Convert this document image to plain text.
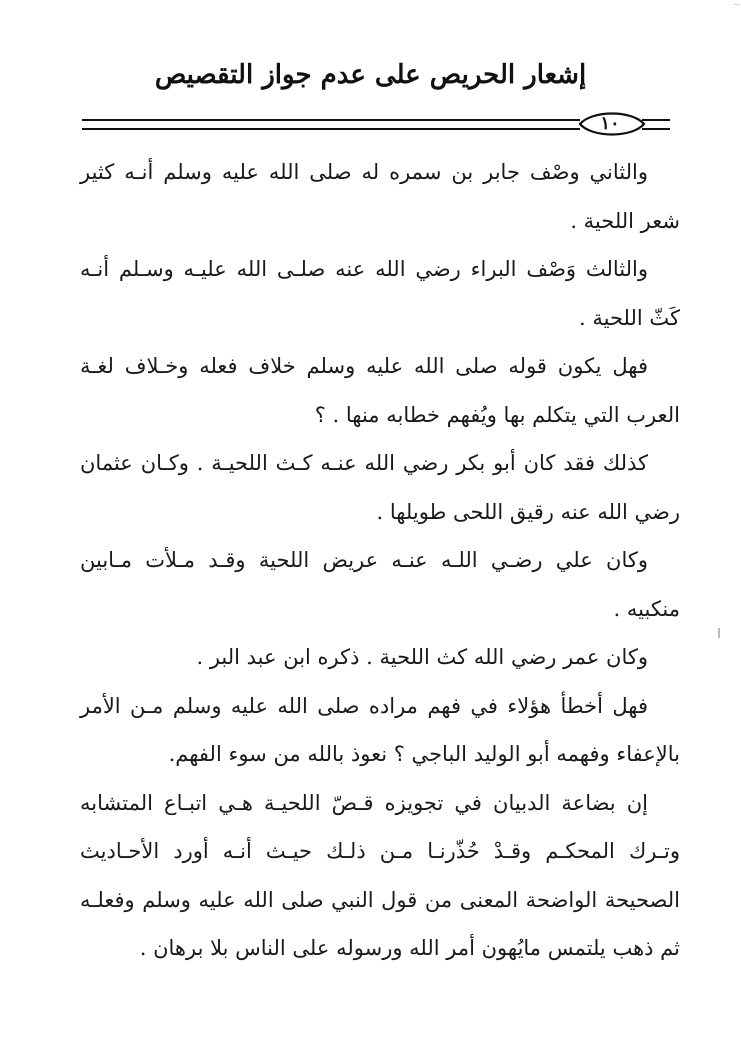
إشعار الحريص على عدم جواز التقصيص
١٠

والثاني وصْف جابر بن سمره له صلى الله عليه وسلم أنـه كثير شعر اللحية .

والثالث وَصْف البراء رضي الله عنه صلـى الله عليـه وسـلم أنـه كَثّ اللحية .

فهل يكون قوله صلى الله عليه وسلم خلاف فعله وخـلاف لغـة العرب التي يتكلم بها ويُفهم خطابه منها . ؟

كذلك فقد كان أبو بكر رضي الله عنـه كـث اللحيـة . وكـان عثمان رضي الله عنه رقيق اللحى طويلها .

وكان علي رضـي اللـه عنـه عريض اللحية وقـد مـلأت مـابين منكبيه .

وكان عمر رضي الله كث اللحية . ذكره ابن عبد البر .

فهل أخطأ هؤلاء في فهم مراده صلى الله عليه وسلم مـن الأمر بالإعفاء وفهمه أبو الوليد الباجي ؟ نعوذ بالله من سوء الفهم.

إن بضاعة الدبيان في تجويزه قـصّ اللحيـة هـي اتبـاع المتشابه وتـرك المحكـم وقـدْ حُذّرنـا مـن ذلـك حيـث أنـه أورد الأحـاديث الصحيحة الواضحة المعنى من قول النبي صلى الله عليه وسلم وفعلـه ثم ذهب يلتمس مايُهون أمر الله ورسوله على الناس بلا برهان .
